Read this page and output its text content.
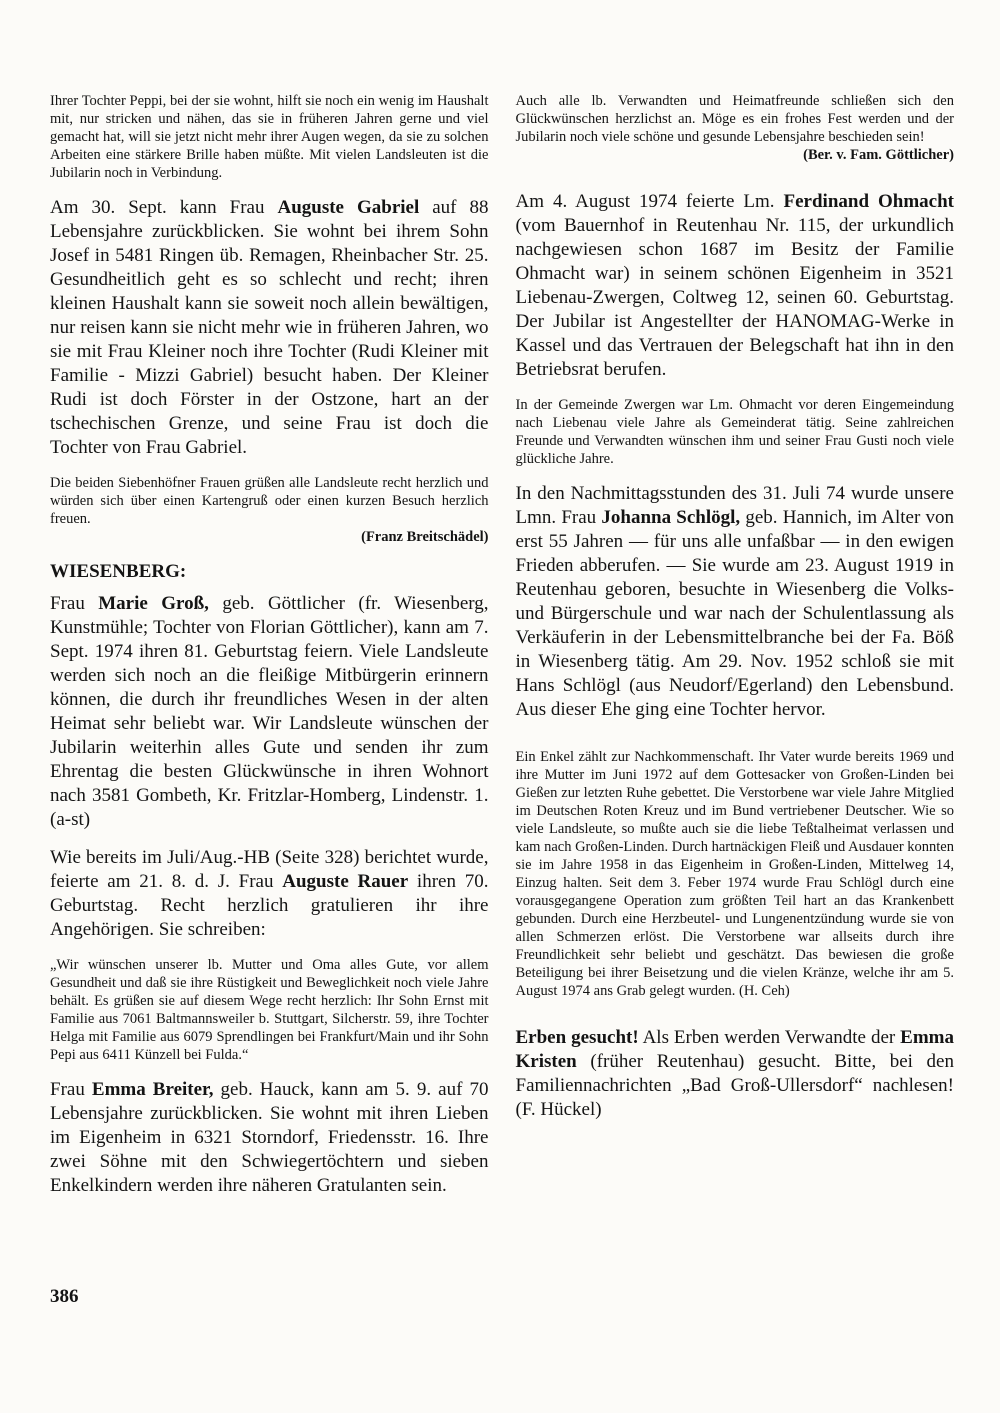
Ihrer Tochter Peppi, bei der sie wohnt, hilft sie noch ein wenig im Haushalt mit, nur stricken und nähen, das sie in früheren Jahren gerne und viel gemacht hat, will sie jetzt nicht mehr ihrer Augen wegen, da sie zu solchen Arbeiten eine stärkere Brille haben müßte. Mit vielen Landsleuten ist die Jubilarin noch in Verbindung.

Am 30. Sept. kann Frau Auguste Gabriel auf 88 Lebensjahre zurückblicken. Sie wohnt bei ihrem Sohn Josef in 5481 Ringen üb. Remagen, Rheinbacher Str. 25. Gesundheitlich geht es so schlecht und recht; ihren kleinen Haushalt kann sie soweit noch allein bewältigen, nur reisen kann sie nicht mehr wie in früheren Jahren, wo sie mit Frau Kleiner noch ihre Tochter (Rudi Kleiner mit Familie - Mizzi Gabriel) besucht haben. Der Kleiner Rudi ist doch Förster in der Ostzone, hart an der tschechischen Grenze, und seine Frau ist doch die Tochter von Frau Gabriel.

Die beiden Siebenhöfner Frauen grüßen alle Landsleute recht herzlich und würden sich über einen Kartengruß oder einen kurzen Besuch herzlich freuen.

(Franz Breitschädel)

WIESENBERG:

Frau Marie Groß, geb. Göttlicher (fr. Wiesenberg, Kunstmühle; Tochter von Florian Göttlicher), kann am 7. Sept. 1974 ihren 81. Geburtstag feiern. Viele Landsleute werden sich noch an die fleißige Mitbürgerin erinnern können, die durch ihr freundliches Wesen in der alten Heimat sehr beliebt war. Wir Landsleute wünschen der Jubilarin weiterhin alles Gute und senden ihr zum Ehrentag die besten Glückwünsche in ihren Wohnort nach 3581 Gombeth, Kr. Fritzlar-Homberg, Lindenstr. 1. (a-st)

Wie bereits im Juli/Aug.-HB (Seite 328) berichtet wurde, feierte am 21. 8. d. J. Frau Auguste Rauer ihren 70. Geburtstag. Recht herzlich gratulieren ihr ihre Angehörigen. Sie schreiben:

„Wir wünschen unserer lb. Mutter und Oma alles Gute, vor allem Gesundheit und daß sie ihre Rüstigkeit und Beweglichkeit noch viele Jahre behält. Es grüßen sie auf diesem Wege recht herzlich: Ihr Sohn Ernst mit Familie aus 7061 Baltmannsweiler b. Stuttgart, Silcherstr. 59, ihre Tochter Helga mit Familie aus 6079 Sprendlingen bei Frankfurt/Main und ihr Sohn Pepi aus 6411 Künzell bei Fulda.“

Frau Emma Breiter, geb. Hauck, kann am 5. 9. auf 70 Lebensjahre zurückblicken. Sie wohnt mit ihren Lieben im Eigenheim in 6321 Storndorf, Friedensstr. 16. Ihre zwei Söhne mit den Schwiegertöchtern und sieben Enkelkindern werden ihre näheren Gratulanten sein.

Auch alle lb. Verwandten und Heimatfreunde schließen sich den Glückwünschen herzlichst an. Möge es ein frohes Fest werden und der Jubilarin noch viele schöne und gesunde Lebensjahre beschieden sein!

(Ber. v. Fam. Göttlicher)

Am 4. August 1974 feierte Lm. Ferdinand Ohmacht (vom Bauernhof in Reutenhau Nr. 115, der urkundlich nachgewiesen schon 1687 im Besitz der Familie Ohmacht war) in seinem schönen Eigenheim in 3521 Liebenau-Zwergen, Coltweg 12, seinen 60. Geburtstag. Der Jubilar ist Angestellter der HANOMAG-Werke in Kassel und das Vertrauen der Belegschaft hat ihn in den Betriebsrat berufen.

In der Gemeinde Zwergen war Lm. Ohmacht vor deren Eingemeindung nach Liebenau viele Jahre als Gemeinderat tätig. Seine zahlreichen Freunde und Verwandten wünschen ihm und seiner Frau Gusti noch viele glückliche Jahre.

In den Nachmittagsstunden des 31. Juli 74 wurde unsere Lmn. Frau Johanna Schlögl, geb. Hannich, im Alter von erst 55 Jahren — für uns alle unfaßbar — in den ewigen Frieden abberufen. — Sie wurde am 23. August 1919 in Reutenhau geboren, besuchte in Wiesenberg die Volks- und Bürgerschule und war nach der Schulentlassung als Verkäuferin in der Lebensmittelbranche bei der Fa. Böß in Wiesenberg tätig. Am 29. Nov. 1952 schloß sie mit Hans Schlögl (aus Neudorf/Egerland) den Lebensbund. Aus dieser Ehe ging eine Tochter hervor.

Ein Enkel zählt zur Nachkommenschaft. Ihr Vater wurde bereits 1969 und ihre Mutter im Juni 1972 auf dem Gottesacker von Großen-Linden bei Gießen zur letzten Ruhe gebettet. Die Verstorbene war viele Jahre Mitglied im Deutschen Roten Kreuz und im Bund vertriebener Deutscher. Wie so viele Landsleute, so mußte auch sie die liebe Teßtalheimat verlassen und kam nach Großen-Linden. Durch hartnäckigen Fleiß und Ausdauer konnten sie im Jahre 1958 in das Eigenheim in Großen-Linden, Mittelweg 14, Einzug halten. Seit dem 3. Feber 1974 wurde Frau Schlögl durch eine vorausgegangene Operation zum größten Teil hart an das Krankenbett gebunden. Durch eine Herzbeutel- und Lungenentzündung wurde sie von allen Schmerzen erlöst. Die Verstorbene war allseits durch ihre Freundlichkeit sehr beliebt und geschätzt. Das bewiesen die große Beteiligung bei ihrer Beisetzung und die vielen Kränze, welche ihr am 5. August 1974 ans Grab gelegt wurden. (H. Ceh)

Erben gesucht! Als Erben werden Verwandte der Emma Kristen (früher Reutenhau) gesucht. Bitte, bei den Familiennachrichten „Bad Groß-Ullersdorf“ nachlesen! (F. Hückel)

386
